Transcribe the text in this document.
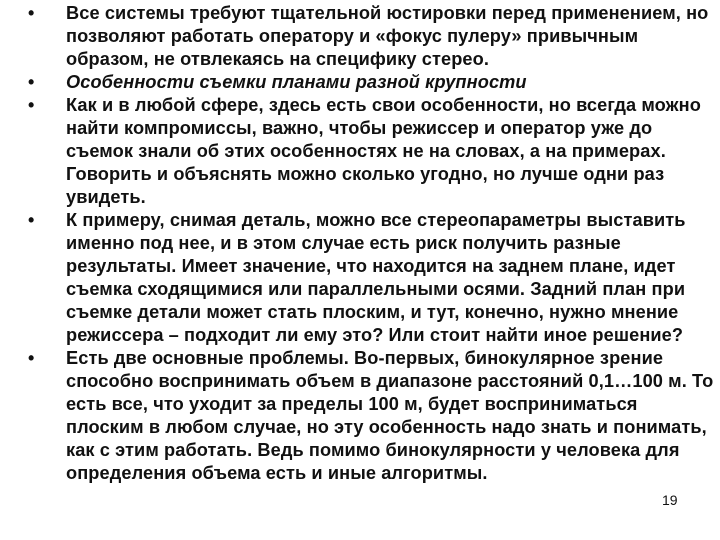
• Все системы требуют тщательной юстировки перед применением, но позволяют работать оператору и «фокус пулеру» привычным образом, не отвлекаясь на специфику стерео.
• Особенности съемки планами разной крупности
• Как и в любой сфере, здесь есть свои особенности, но всегда можно найти компромиссы, важно, чтобы режиссер и оператор уже до съемок знали об этих особенностях не на словах, а на примерах. Говорить и объяснять можно сколько угодно, но лучше одни раз увидеть.
• К примеру, снимая деталь, можно все стереопараметры выставить именно под нее, и в этом случае есть риск получить разные результаты. Имеет значение, что находится на заднем плане, идет съемка сходящимися или параллельными осями. Задний план при съемке детали может стать плоским, и тут, конечно, нужно мнение режиссера – подходит ли ему это? Или стоит найти иное решение?
• Есть две основные проблемы. Во-первых, бинокулярное зрение способно воспринимать объем в диапазоне расстояний 0,1…100 м. То есть все, что уходит за пределы 100 м, будет восприниматься плоским в любом случае, но эту особенность надо знать и понимать, как с этим работать. Ведь помимо бинокулярности у человека для определения объема есть и иные алгоритмы.
19
